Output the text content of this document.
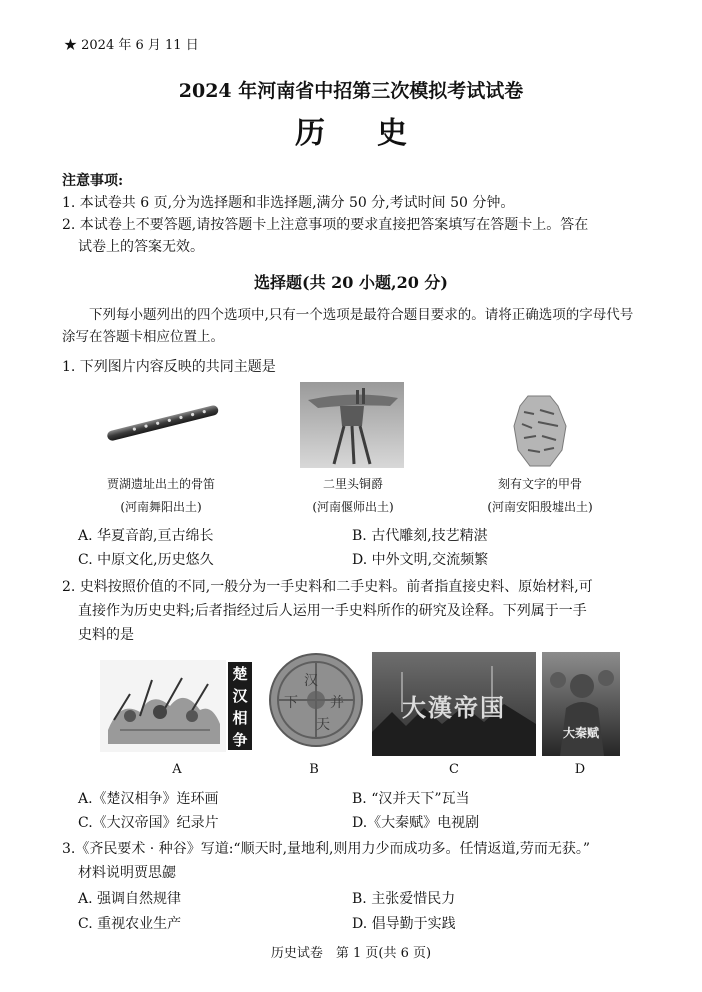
★ 2024 年 6 月 11 日
2024 年河南省中招第三次模拟考试试卷
历史
注意事项:
1. 本试卷共 6 页,分为选择题和非选择题,满分 50 分,考试时间 50 分钟。
2. 本试卷上不要答题,请按答题卡上注意事项的要求直接把答案填写在答题卡上。答在
试卷上的答案无效。
选择题(共 20 小题,20 分)
下列每小题列出的四个选项中,只有一个选项是最符合题目要求的。请将正确选项的字母代号涂写在答题卡相应位置上。
1. 下列图片内容反映的共同主题是
贾湖遗址出土的骨笛
(河南舞阳出土)
二里头铜爵
(河南偃师出土)
刻有文字的甲骨
(河南安阳殷墟出土)
A. 华夏音韵,亘古绵长	B. 古代雕刻,技艺精湛
C. 中原文化,历史悠久	D. 中外文明,交流频繁
2. 史料按照价值的不同,一般分为一手史料和二手史料。前者指直接史料、原始材料,可
直接作为历史史料;后者指经过后人运用一手史料所作的研究及诠释。下列属于一手
史料的是
楚
汉
相
争
汉
并
天
下	大漢帝国
大秦赋
A	B	C	D
A.《楚汉相争》连环画	B. “汉并天下”瓦当
C.《大汉帝国》纪录片	D.《大秦赋》电视剧
3.《齐民要术 · 种谷》写道:“顺天时,量地利,则用力少而成功多。任情返道,劳而无获。”
材料说明贾思勰
A. 强调自然规律	B. 主张爱惜民力
C. 重视农业生产	D. 倡导勤于实践
历史试卷　第 1 页(共 6 页)
